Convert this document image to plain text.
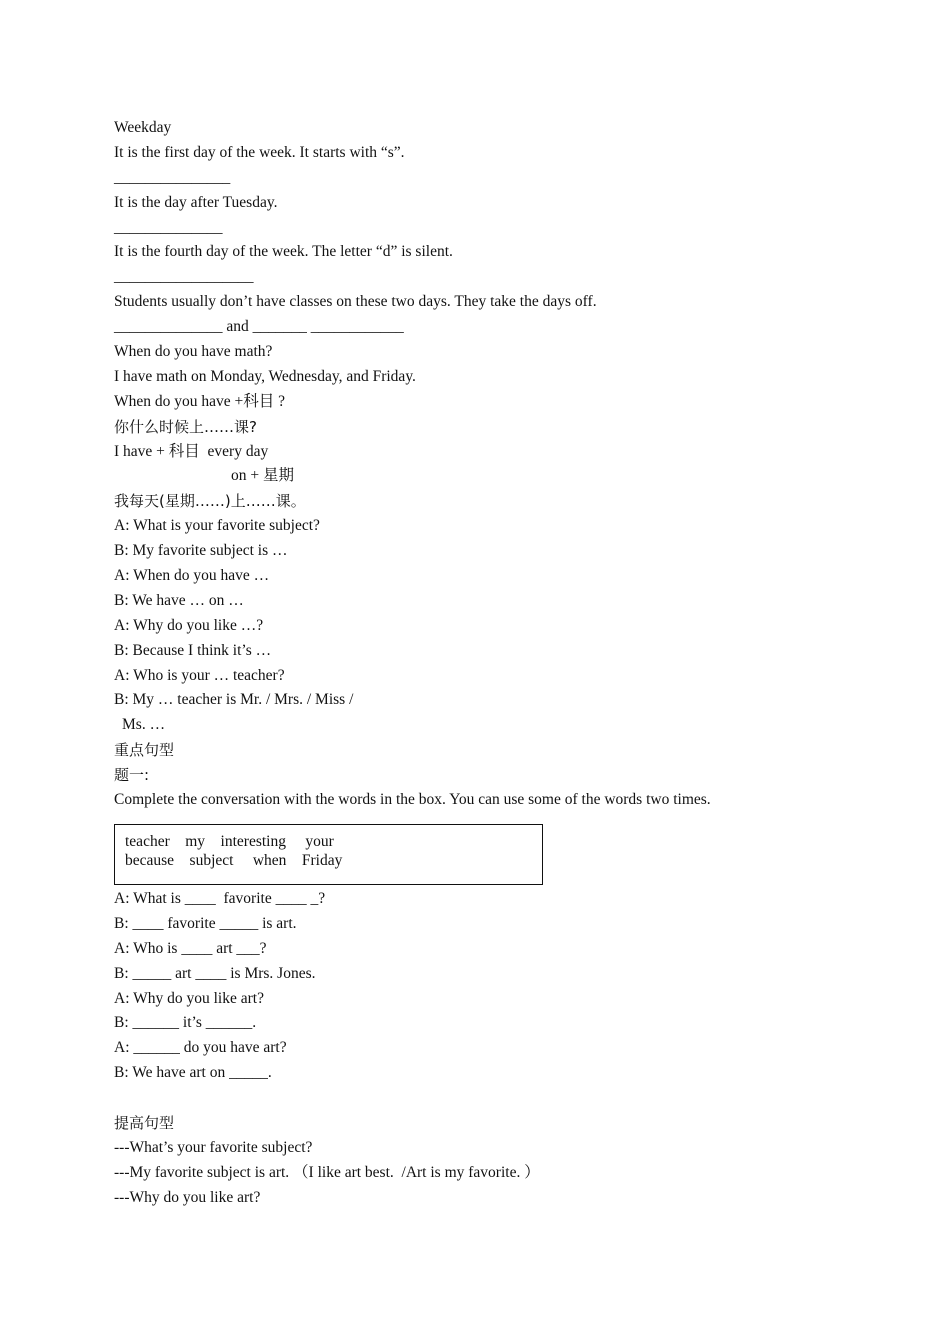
Weekday
It is the first day of the week. It starts with “s”.
_______________
It is the day after Tuesday.
______________
It is the fourth day of the week. The letter “d” is silent.
__________________
Students usually don’t have classes on these two days. They take the days off.
______________ and _______ ____________
When do you have math?
I have math on Monday, Wednesday, and Friday.
When do you have +科目 ?
你什么时候上……课?
I have + 科目  every day
on + 星期
我每天(星期……)上……课。
A: What is your favorite subject?
B: My favorite subject is …
A: When do you have …
B: We have … on …
A: Why do you like …?
B: Because I think it’s …
A: Who is your … teacher?
B: My … teacher is Mr. / Mrs. / Miss /
Ms. …
重点句型
题一:
Complete the conversation with the words in the box. You can use some of the words two times.
teacher    my    interesting     your
because    subject     when    Friday
A: What is ____  favorite ____ _?
B: ____ favorite _____ is art.
A: Who is ____ art ___?
B: _____ art ____ is Mrs. Jones.
A: Why do you like art?
B: ______ it’s ______.
A: ______ do you have art?
B: We have art on _____.
提高句型
---What’s your favorite subject?
---My favorite subject is art. （I like art best.  /Art is my favorite. ）
---Why do you like art?
